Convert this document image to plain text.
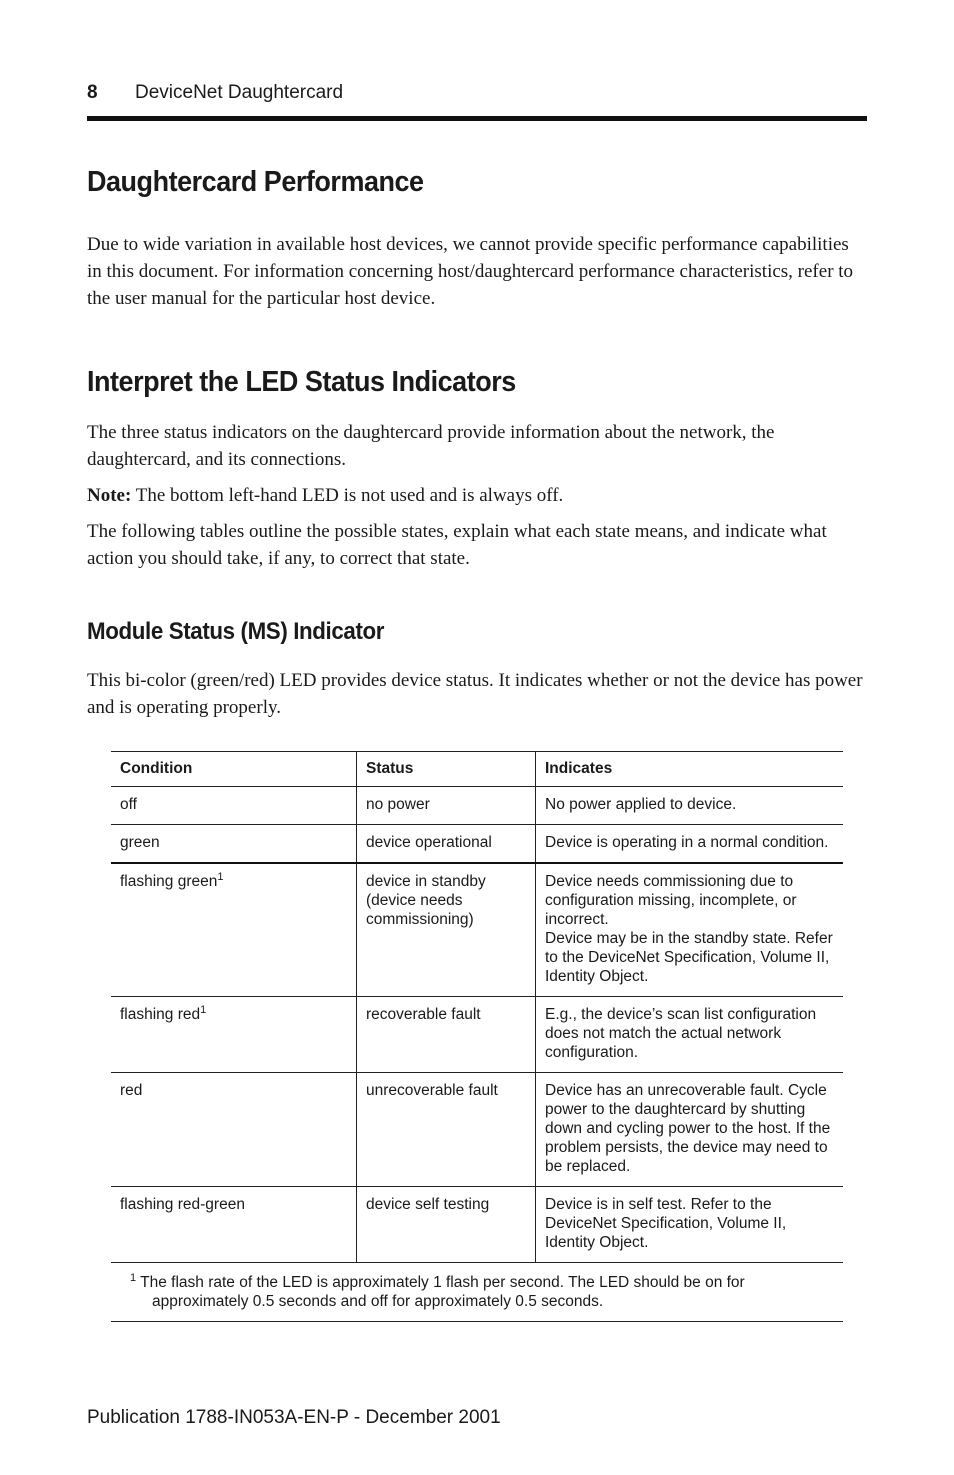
8	DeviceNet Daughtercard
Daughtercard Performance

Due to wide variation in available host devices, we cannot provide specific performance capabilities in this document. For information concerning host/daughtercard performance characteristics, refer to the user manual for the particular host device.

Interpret the LED Status Indicators

The three status indicators on the daughtercard provide information about the network, the daughtercard, and its connections.

Note: The bottom left-hand LED is not used and is always off.

The following tables outline the possible states, explain what each state means, and indicate what action you should take, if any, to correct that state.

Module Status (MS) Indicator

This bi-color (green/red) LED provides device status. It indicates whether or not the device has power and is operating properly.

Condition	Status	Indicates
off	no power	No power applied to device.
green	device operational	Device is operating in a normal condition.
flashing green$^1$	device in standby (device needs commissioning)	Device needs commissioning due to configuration missing, incomplete, or incorrect.
Device may be in the standby state. Refer to the DeviceNet Specification, Volume II, Identity Object.
flashing red$^1$	recoverable fault	E.g., the device’s scan list configuration does not match the actual network configuration.
red	unrecoverable fault	Device has an unrecoverable fault. Cycle power to the daughtercard by shutting down and cycling power to the host. If the problem persists, the device may need to be replaced.
flashing red-green	device self testing	Device is in self test. Refer to the DeviceNet Specification, Volume II, Identity Object.

$^1$ The flash rate of the LED is approximately 1 flash per second. The LED should be on for approximately 0.5 seconds and off for approximately 0.5 seconds.		
Publication 1788-IN053A-EN-P - December 2001
